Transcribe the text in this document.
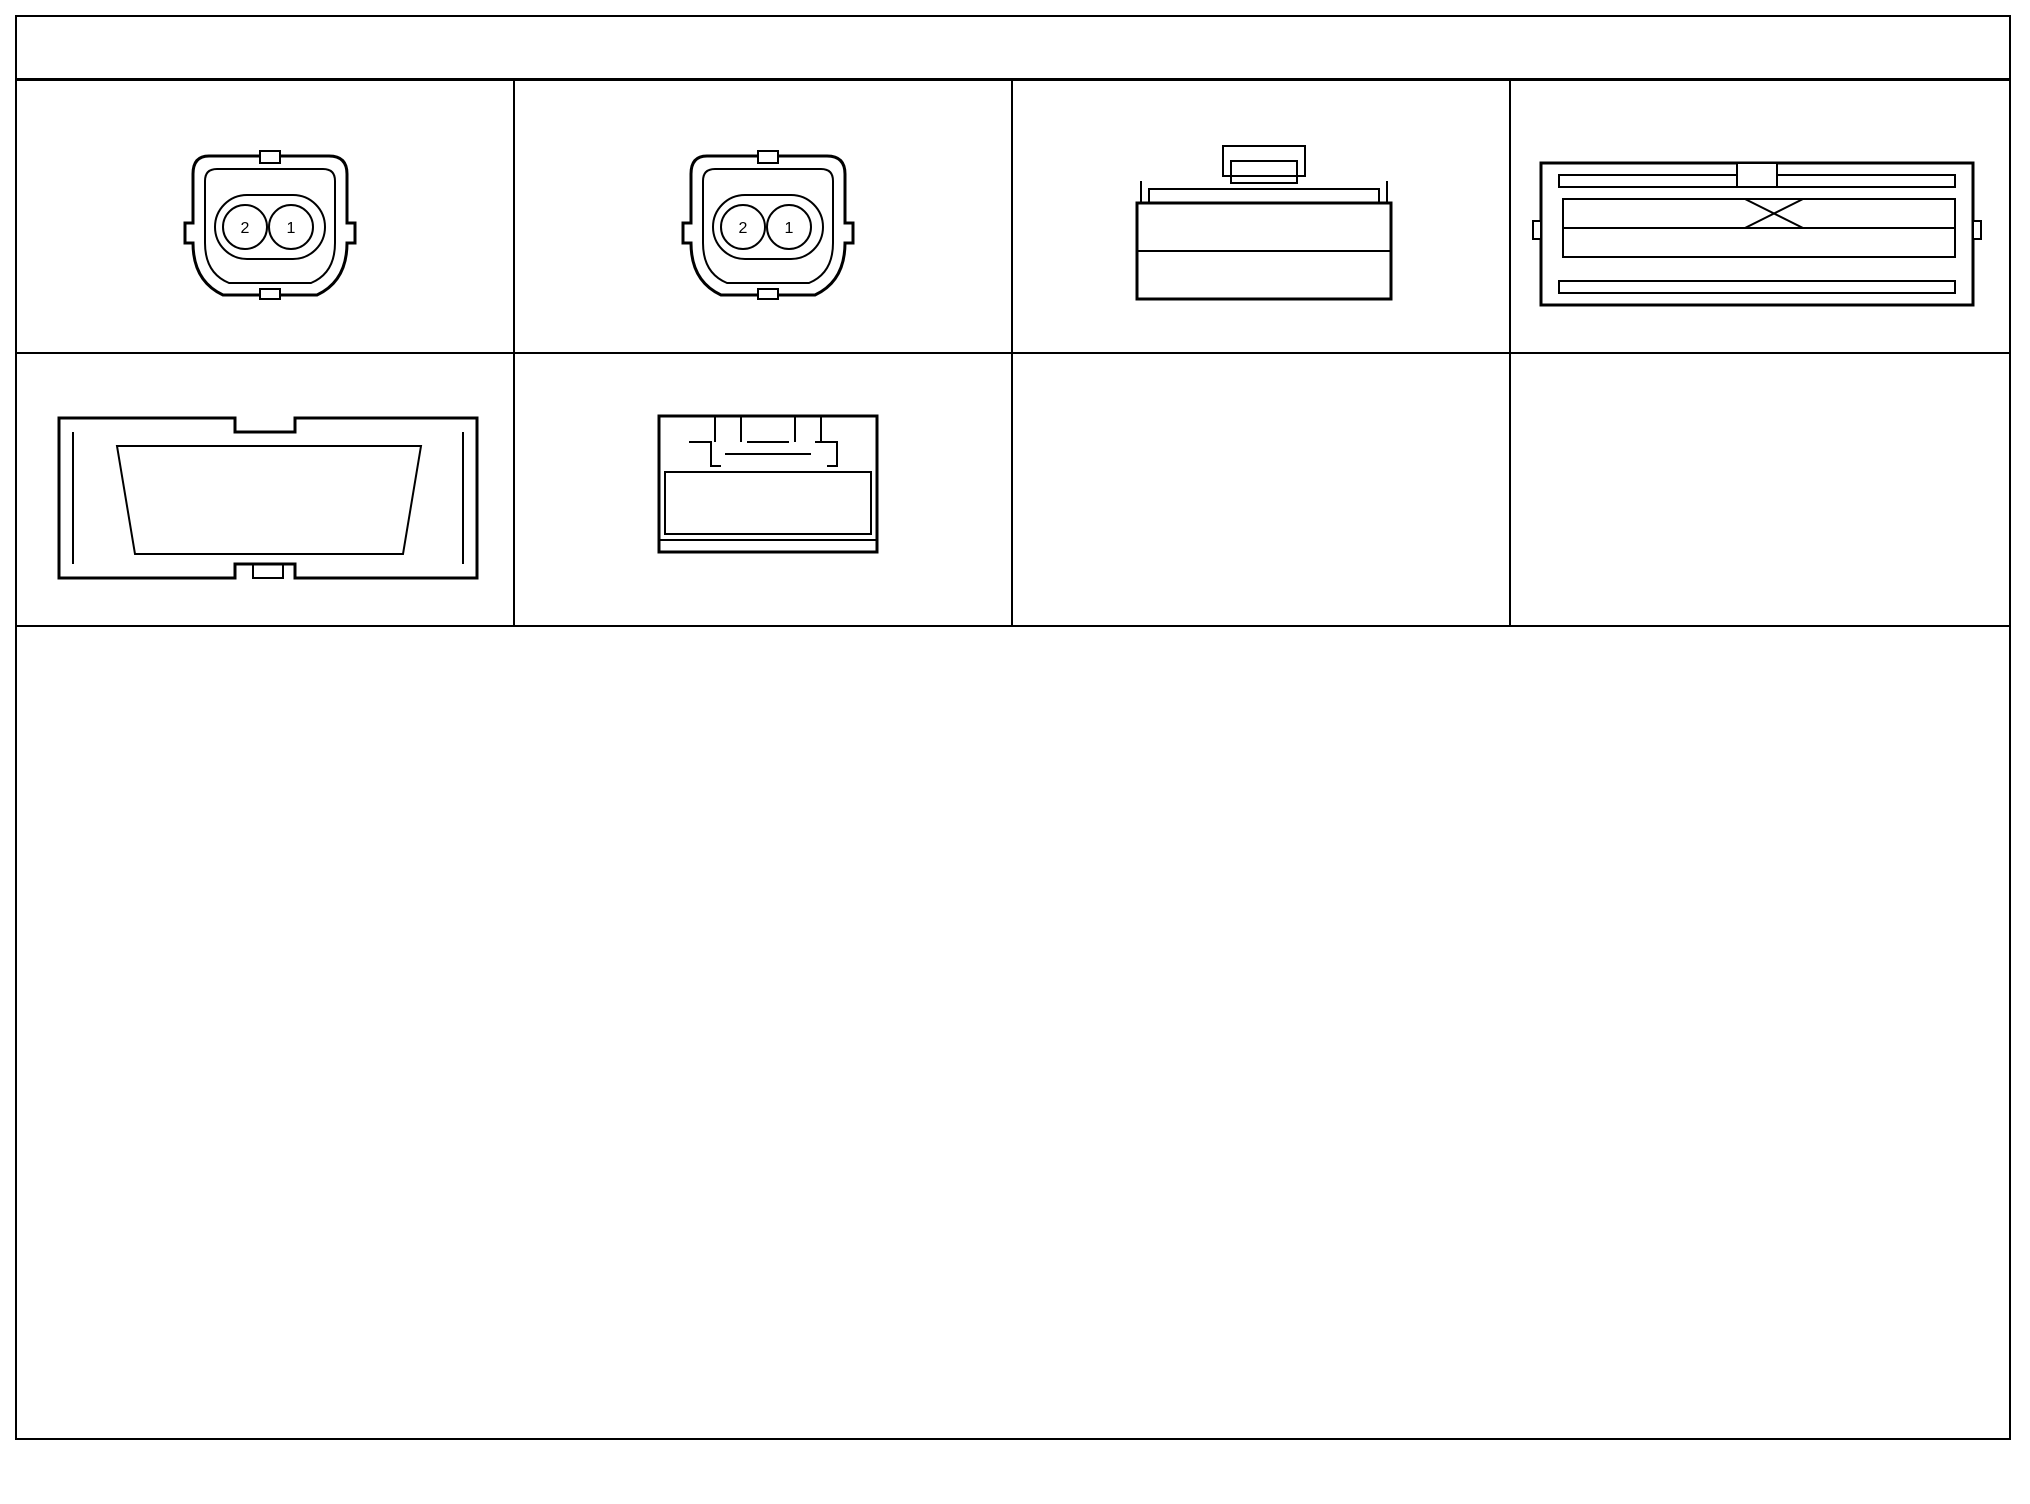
2 1	2 1
